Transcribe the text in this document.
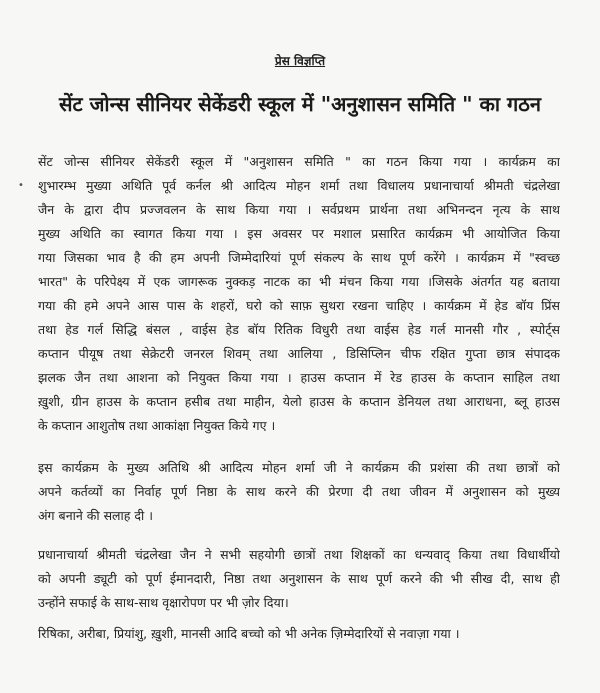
प्रेस विज्ञप्ति
सेंट जोन्स सीनियर सेकेंडरी स्कूल में "अनुशासन समिति " का गठन
•
सेंट जोन्स सीनियर सेकेंडरी स्कूल में "अनुशासन समिति " का गठन किया गया । कार्यक्रम का
शुभारम्भ मुख्या अथिति पूर्व कर्नल श्री आदित्य मोहन शर्मा तथा विधालय प्रधानाचार्या श्रीमती चंद्रलेखा
जैन के द्वारा दीप प्रज्जवलन के साथ किया गया । सर्वप्रथम प्रार्थना तथा अभिनन्दन नृत्य के साथ
मुख्य अथिति का स्वागत किया गया । इस अवसर पर मशाल प्रसारित कार्यक्रम भी आयोजित किया
गया जिसका भाव है की हम अपनी जिम्मेदारियां पूर्ण संकल्प के साथ पूर्ण करेंगे । कार्यक्रम में "स्वच्छ
भारत" के परिपेक्ष्य में एक जागरूक नुक्कड़ नाटक का भी मंचन किया गया ।जिसके अंतर्गत यह बताया
गया की हमे अपने आस पास के शहरों, घरो को साफ़ सुथरा रखना चाहिए । कार्यक्रम में हेड बॉय प्रिंस
तथा हेड गर्ल सिद्धि बंसल , वाईस हेड बॉय रितिक विधुरी तथा वाईस हेड गर्ल मानसी गौर , स्पोर्ट्स
कप्तान पीयूष तथा सेक्रेटरी जनरल शिवम् तथा आलिया , डिसिप्लिन चीफ रक्षित गुप्ता छात्र संपादक
झलक जैन तथा आशना को नियुक्त किया गया । हाउस कप्तान में रेड हाउस के कप्तान साहिल तथा
ख़ुशी, ग्रीन हाउस के कप्तान हसीब तथा माहीन, येलो हाउस के कप्तान डेनियल तथा आराधना, ब्लू हाउस
के कप्तान आशुतोष तथा आकांक्षा नियुक्त किये गए ।
इस कार्यक्रम के मुख्य अतिथि श्री आदित्य मोहन शर्मा जी ने कार्यक्रम की प्रशंसा की तथा छात्रों को
अपने कर्तव्यों का निर्वाह पूर्ण निष्ठा के साथ करने की प्रेरणा दी तथा जीवन में अनुशासन को मुख्य
अंग बनाने की सलाह दी ।
प्रधानाचार्या श्रीमती चंद्रलेखा जैन ने सभी सहयोगी छात्रों तथा शिक्षकों का धन्यवाद् किया तथा विधार्थीयो
को अपनी ड्यूटी को पूर्ण ईमानदारी, निष्ठा तथा अनुशासन के साथ पूर्ण करने की भी सीख दी, साथ ही
उन्होंने सफाई के साथ-साथ वृक्षारोपण पर भी ज़ोर दिया।
रिषिका, अरीबा, प्रियांशु, ख़ुशी, मानसी आदि बच्चो को भी अनेक ज़िम्मेदारियों से नवाज़ा गया ।
